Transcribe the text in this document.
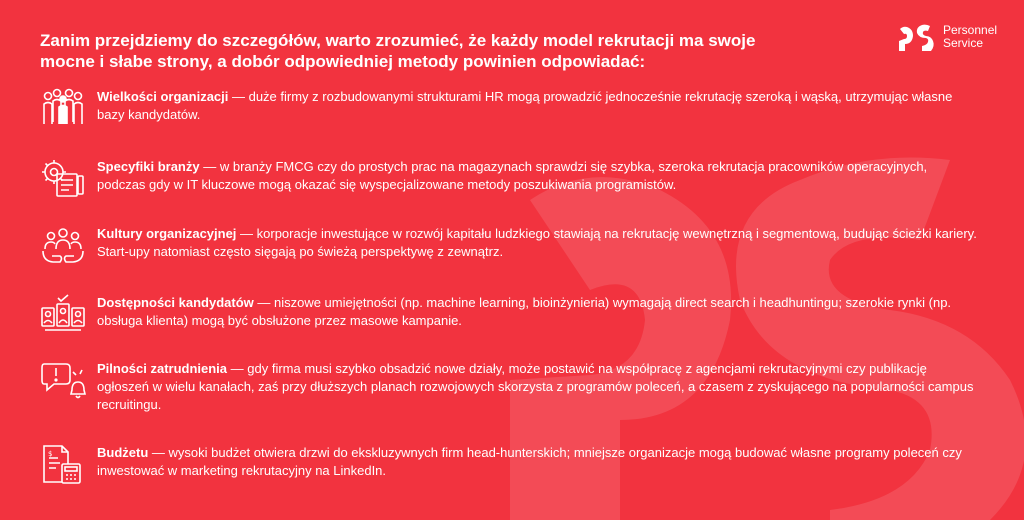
Zanim przejdziemy do szczegółów, warto zrozumieć, że każdy model rekrutacji ma swoje mocne i słabe strony, a dobór odpowiedniej metody powinien odpowiadać:
Personnel
Service

Wielkości organizacji — duże firmy z rozbudowanymi strukturami HR mogą prowadzić jednocześnie rekrutację szeroką i wąską, utrzymując własne bazy kandydatów.

Specyfiki branży — w branży FMCG czy do prostych prac na magazynach sprawdzi się szybka, szeroka rekrutacja pracowników operacyjnych, podczas gdy w IT kluczowe mogą okazać się wyspecjalizowane metody poszukiwania programistów.

Kultury organizacyjnej — korporacje inwestujące w rozwój kapitału ludzkiego stawiają na rekrutację wewnętrzną i segmentową, budując ścieżki kariery. Start-upy natomiast często sięgają po świeżą perspektywę z zewnątrz.

Dostępności kandydatów — niszowe umiejętności (np. machine learning, bioinżynieria) wymagają direct search i headhuntingu; szerokie rynki (np. obsługa klienta) mogą być obsłużone przez masowe kampanie.

Pilności zatrudnienia — gdy firma musi szybko obsadzić nowe działy, może postawić na współpracę z agencjami rekrutacyjnymi czy publikację ogłoszeń w wielu kanałach, zaś przy dłuższych planach rozwojowych skorzysta z programów poleceń, a czasem z zyskującego na popularności campus recruitingu.

$	Budżetu — wysoki budżet otwiera drzwi do ekskluzywnych firm head-hunterskich; mniejsze organizacje mogą budować własne programy poleceń czy inwestować w marketing rekrutacyjny na LinkedIn.
